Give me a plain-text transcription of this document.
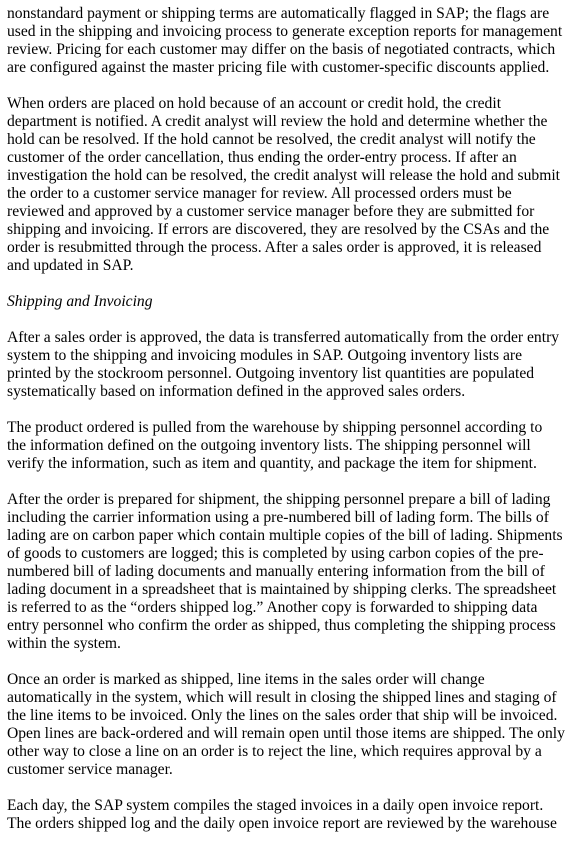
nonstandard payment or shipping terms are automatically flagged in SAP; the flags are used in the shipping and invoicing process to generate exception reports for management review. Pricing for each customer may differ on the basis of negotiated contracts, which are configured against the master pricing file with customer-specific discounts applied.

When orders are placed on hold because of an account or credit hold, the credit department is notified. A credit analyst will review the hold and determine whether the hold can be resolved. If the hold cannot be resolved, the credit analyst will notify the customer of the order cancellation, thus ending the order-entry process. If after an investigation the hold can be resolved, the credit analyst will release the hold and submit the order to a customer service manager for review. All processed orders must be reviewed and approved by a customer service manager before they are submitted for shipping and invoicing. If errors are discovered, they are resolved by the CSAs and the order is resubmitted through the process. After a sales order is approved, it is released and updated in SAP.

Shipping and Invoicing

After a sales order is approved, the data is transferred automatically from the order entry system to the shipping and invoicing modules in SAP. Outgoing inventory lists are printed by the stockroom personnel. Outgoing inventory list quantities are populated systematically based on information defined in the approved sales orders.

The product ordered is pulled from the warehouse by shipping personnel according to the information defined on the outgoing inventory lists. The shipping personnel will verify the information, such as item and quantity, and package the item for shipment.

After the order is prepared for shipment, the shipping personnel prepare a bill of lading including the carrier information using a pre-numbered bill of lading form. The bills of lading are on carbon paper which contain multiple copies of the bill of lading. Shipments of goods to customers are logged; this is completed by using carbon copies of the pre-numbered bill of lading documents and manually entering information from the bill of lading document in a spreadsheet that is maintained by shipping clerks. The spreadsheet is referred to as the “orders shipped log.” Another copy is forwarded to shipping data entry personnel who confirm the order as shipped, thus completing the shipping process within the system.

Once an order is marked as shipped, line items in the sales order will change automatically in the system, which will result in closing the shipped lines and staging of the line items to be invoiced. Only the lines on the sales order that ship will be invoiced. Open lines are back-ordered and will remain open until those items are shipped. The only other way to close a line on an order is to reject the line, which requires approval by a customer service manager.

Each day, the SAP system compiles the staged invoices in a daily open invoice report. The orders shipped log and the daily open invoice report are reviewed by the warehouse
